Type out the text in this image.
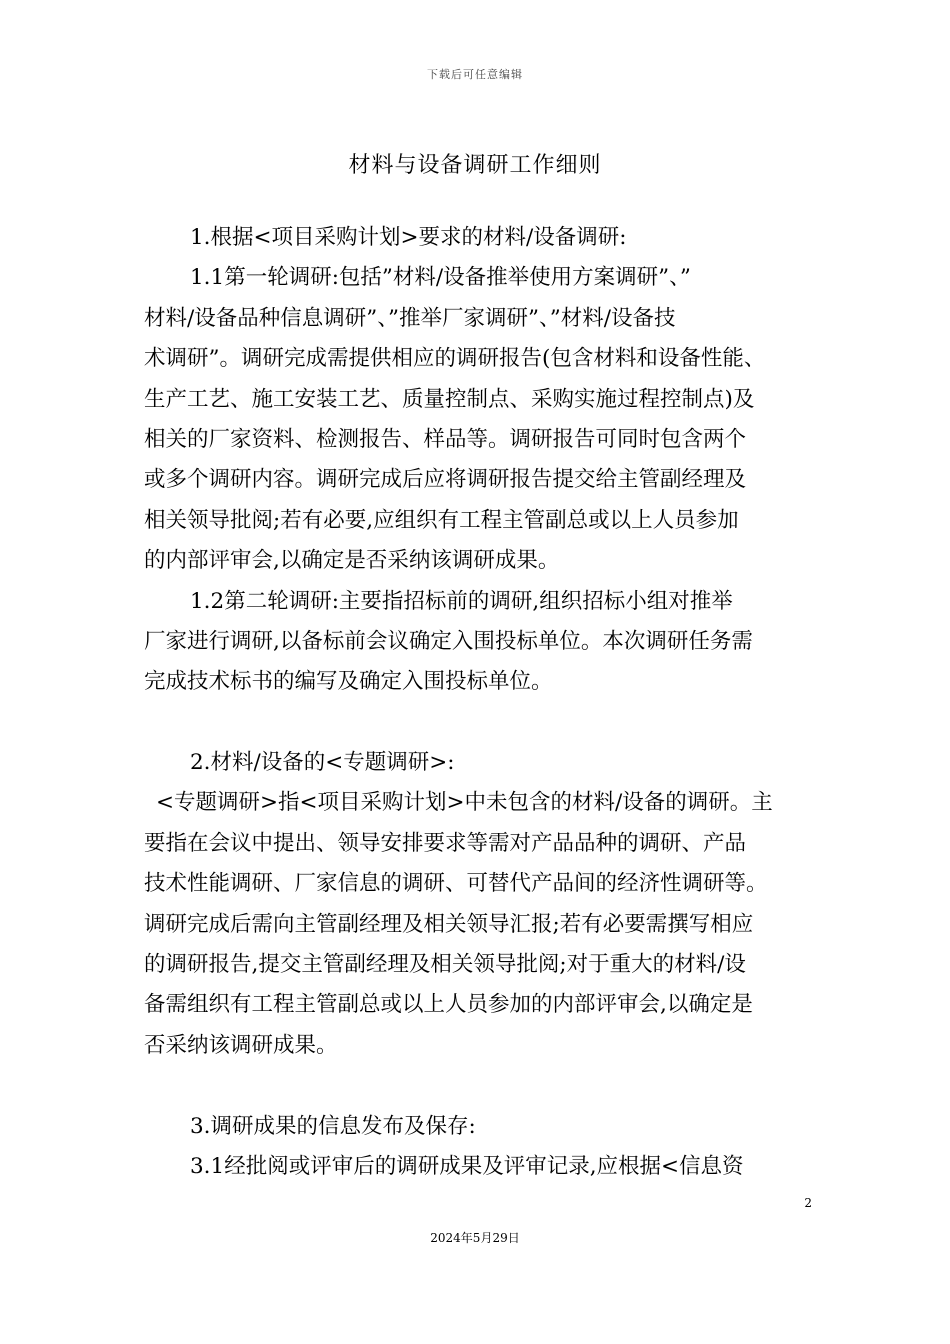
下载后可任意编辑
材料与设备调研工作细则
1.根据<项目采购计划>要求的材料/设备调研:
1.1第一轮调研:包括”材料/设备推举使用方案调研”、”
材料/设备品种信息调研”、”推举厂家调研”、”材料/设备技
术调研”。调研完成需提供相应的调研报告(包含材料和设备性能、
生产工艺、施工安装工艺、质量控制点、采购实施过程控制点)及
相关的厂家资料、检测报告、样品等。调研报告可同时包含两个
或多个调研内容。调研完成后应将调研报告提交给主管副经理及
相关领导批阅;若有必要,应组织有工程主管副总或以上人员参加
的内部评审会,以确定是否采纳该调研成果。
1.2第二轮调研:主要指招标前的调研,组织招标小组对推举
厂家进行调研,以备标前会议确定入围投标单位。本次调研任务需
完成技术标书的编写及确定入围投标单位。
2.材料/设备的<专题调研>:
<专题调研>指<项目采购计划>中未包含的材料/设备的调研。主
要指在会议中提出、领导安排要求等需对产品品种的调研、产品
技术性能调研、厂家信息的调研、可替代产品间的经济性调研等。
调研完成后需向主管副经理及相关领导汇报;若有必要需撰写相应
的调研报告,提交主管副经理及相关领导批阅;对于重大的材料/设
备需组织有工程主管副总或以上人员参加的内部评审会,以确定是
否采纳该调研成果。
3.调研成果的信息发布及保存:
3.1经批阅或评审后的调研成果及评审记录,应根据<信息资
2
2024年5月29日
